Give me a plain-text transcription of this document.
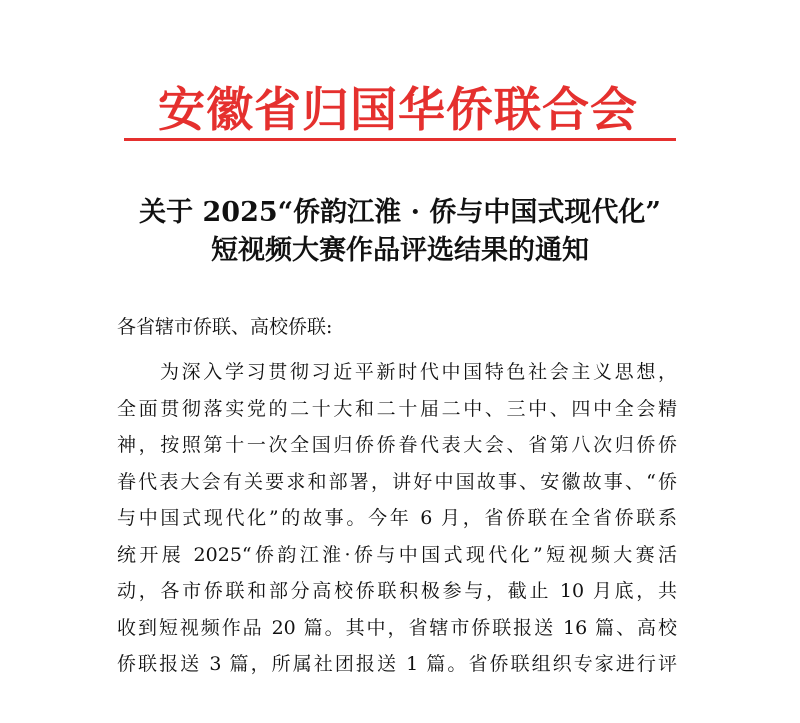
安徽省归国华侨联合会
关于 2025“侨韵江淮 · 侨与中国式现代化”
短视频大赛作品评选结果的通知
各省辖市侨联、高校侨联:
为深入学习贯彻习近平新时代中国特色社会主义思想，
全面贯彻落实党的二十大和二十届二中、三中、四中全会精
神，按照第十一次全国归侨侨眷代表大会、省第八次归侨侨
眷代表大会有关要求和部署，讲好中国故事、安徽故事、“侨
与中国式现代化”的故事。今年 6 月，省侨联在全省侨联系
统开展 2025“侨韵江淮·侨与中国式现代化”短视频大赛活
动，各市侨联和部分高校侨联积极参与，截止 10 月底，共
收到短视频作品 20 篇。其中，省辖市侨联报送 16 篇、高校
侨联报送 3 篇，所属社团报送 1 篇。省侨联组织专家进行评
